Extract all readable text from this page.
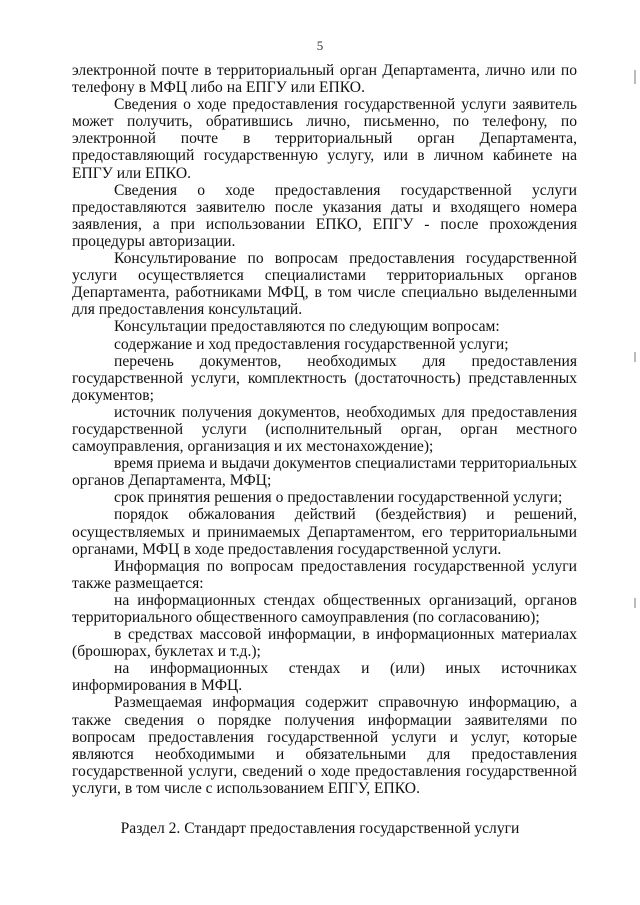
5

электронной почте в территориальный орган Департамента, лично или по телефону в МФЦ либо на ЕПГУ или ЕПКО.

Сведения о ходе предоставления государственной услуги заявитель может получить, обратившись лично, письменно, по телефону, по электронной почте в территориальный орган Департамента, предоставляющий государственную услугу, или в личном кабинете на ЕПГУ или ЕПКО.

Сведения о ходе предоставления государственной услуги предоставляются заявителю после указания даты и входящего номера заявления, а при использовании ЕПКО, ЕПГУ - после прохождения процедуры авторизации.

Консультирование по вопросам предоставления государственной услуги осуществляется специалистами территориальных органов Департамента, работниками МФЦ, в том числе специально выделенными для предоставления консультаций.

Консультации предоставляются по следующим вопросам:

содержание и ход предоставления государственной услуги;

перечень документов, необходимых для предоставления государственной услуги, комплектность (достаточность) представленных документов;

источник получения документов, необходимых для предоставления государственной услуги (исполнительный орган, орган местного самоуправления, организация и их местонахождение);

время приема и выдачи документов специалистами территориальных органов Департамента, МФЦ;

срок принятия решения о предоставлении государственной услуги;

порядок обжалования действий (бездействия) и решений, осуществляемых и принимаемых Департаментом, его территориальными органами, МФЦ в ходе предоставления государственной услуги.

Информация по вопросам предоставления государственной услуги также размещается:

на информационных стендах общественных организаций, органов территориального общественного самоуправления (по согласованию);

в средствах массовой информации, в информационных материалах (брошюрах, буклетах и т.д.);

на информационных стендах и (или) иных источниках информирования в МФЦ.

Размещаемая информация содержит справочную информацию, а также сведения о порядке получения информации заявителями по вопросам предоставления государственной услуги и услуг, которые являются необходимыми и обязательными для предоставления государственной услуги, сведений о ходе предоставления государственной услуги, в том числе с использованием ЕПГУ, ЕПКО.

Раздел 2. Стандарт предоставления государственной услуги
